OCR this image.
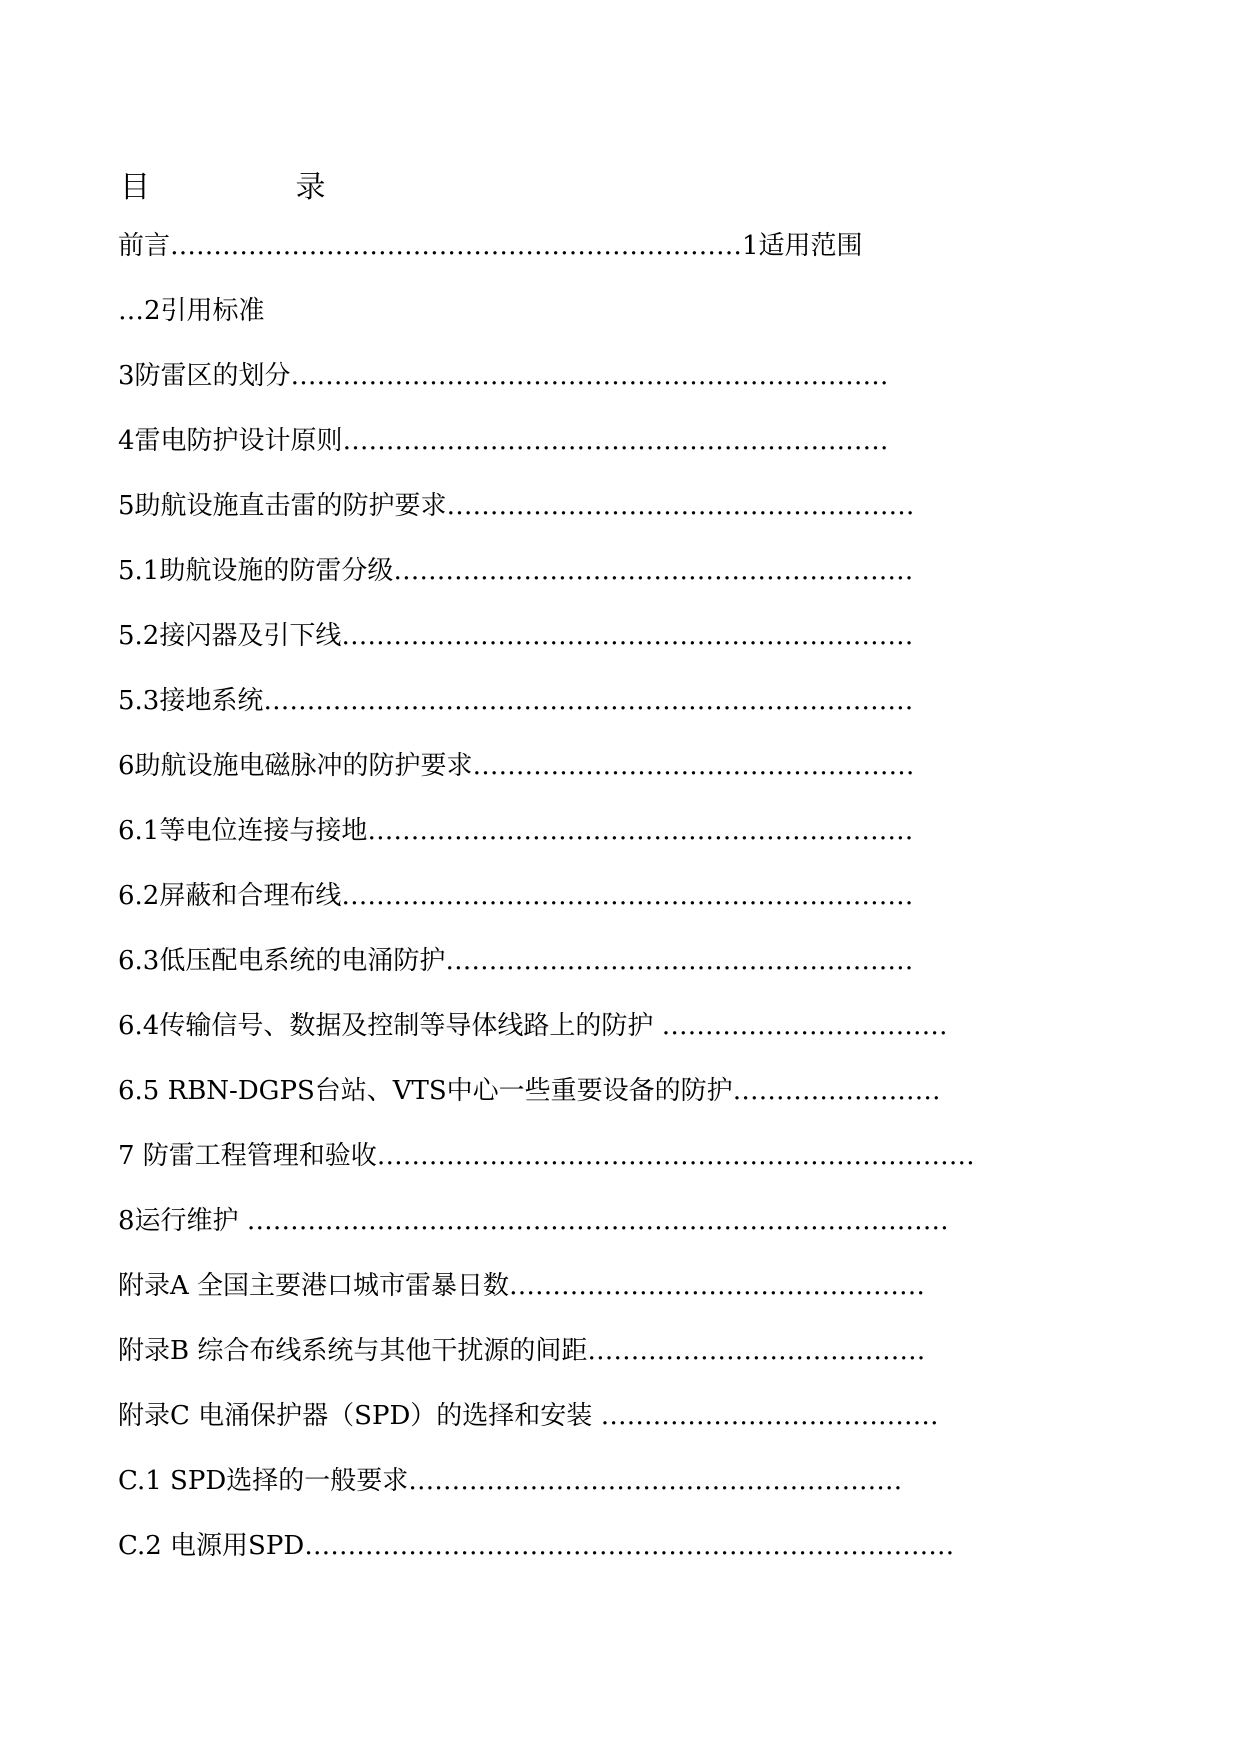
目 录
前言…………………………………………………………1适用范围
…2引用标准
3防雷区的划分……………………………………………………………
4雷电防护设计原则………………………………………………………
5助航设施直击雷的防护要求………………………………………………
5.1助航设施的防雷分级……………………………………………………
5.2接闪器及引下线…………………………………………………………
5.3接地系统…………………………………………………………………
6助航设施电磁脉冲的防护要求……………………………………………
6.1等电位连接与接地………………………………………………………
6.2屏蔽和合理布线…………………………………………………………
6.3低压配电系统的电涌防护………………………………………………
6.4传输信号、数据及控制等导体线路上的防护 ……………………………
6.5 RBN-DGPS台站、VTS中心一些重要设备的防护……………………
7 防雷工程管理和验收……………………………………………………………
8运行维护 ………………………………………………………………………
附录A 全国主要港口城市雷暴日数…………………………………………
附录B 综合布线系统与其他干扰源的间距…………………………………
附录C 电涌保护器（SPD）的选择和安装 …………………………………
C.1 SPD选择的一般要求…………………………………………………
C.2 电源用SPD…………………………………………………………………
